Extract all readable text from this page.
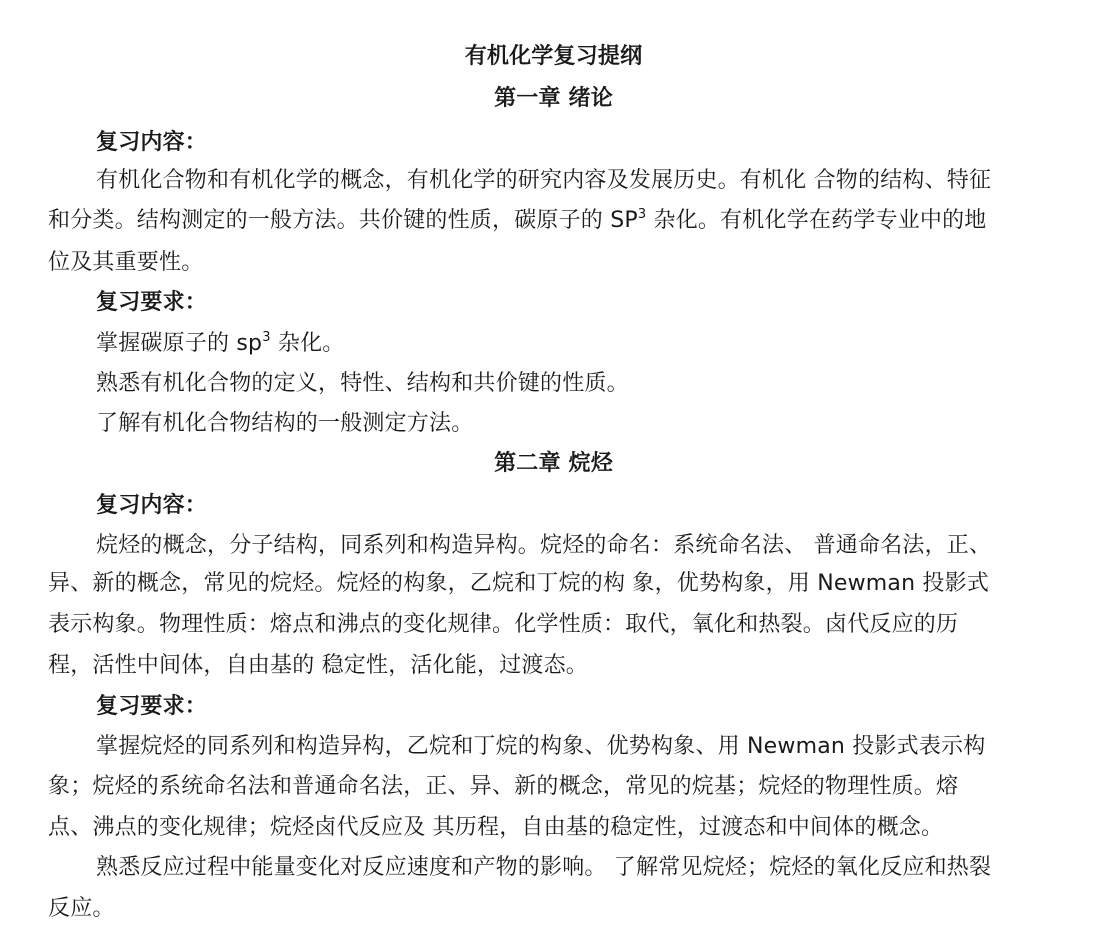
有机化学复习提纲
第一章 绪论
复习内容：
有机化合物和有机化学的概念，有机化学的研究内容及发展历史。有机化 合物的结构、特征
和分类。结构测定的一般方法。共价键的性质，碳原子的 $SP^3$ 杂化。有机化学在药学专业中的地
位及其重要性。
复习要求：
掌握碳原子的 $sp^3$ 杂化。
熟悉有机化合物的定义，特性、结构和共价键的性质。
了解有机化合物结构的一般测定方法。
第二章 烷烃
复习内容：
烷烃的概念，分子结构，同系列和构造异构。烷烃的命名：系统命名法、 普通命名法，正、
异、新的概念，常见的烷烃。烷烃的构象，乙烷和丁烷的构 象，优势构象，用 Newman 投影式
表示构象。物理性质：熔点和沸点的变化规律。化学性质：取代，氧化和热裂。卤代反应的历
程，活性中间体，自由基的 稳定性，活化能，过渡态。
复习要求：
掌握烷烃的同系列和构造异构，乙烷和丁烷的构象、优势构象、用 Newman 投影式表示构
象；烷烃的系统命名法和普通命名法，正、异、新的概念，常见的烷基；烷烃的物理性质。熔
点、沸点的变化规律；烷烃卤代反应及 其历程，自由基的稳定性，过渡态和中间体的概念。
熟悉反应过程中能量变化对反应速度和产物的影响。 了解常见烷烃；烷烃的氧化反应和热裂
反应。
